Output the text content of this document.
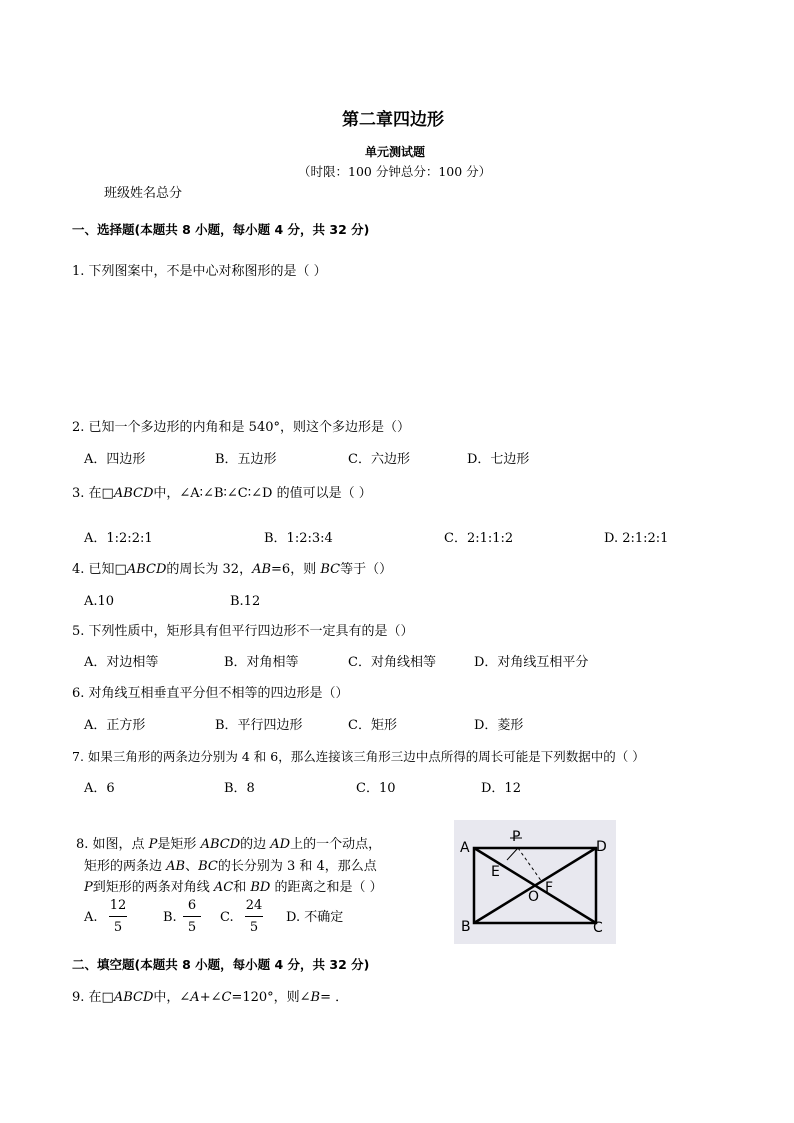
第二章四边形
单元测试题
（时限：100 分钟总分：100 分）
班级姓名总分
一、选择题(本题共 8 小题，每小题 4 分，共 32 分)
1. 下列图案中，不是中心对称图形的是（ ）
2. 已知一个多边形的内角和是 540°，则这个多边形是（）
A．四边形	B．五边形	C．六边形	D．七边形
3. 在□ABCD中，∠A∶∠B∶∠C∶∠D 的值可以是（ ）
A．1:2:2:1	B．1:2:3:4	C．2:1:1:2	D. 2:1:2:1
4. 已知□ABCD的周长为 32，AB=6，则 BC等于（）
A.10	B.12
5. 下列性质中，矩形具有但平行四边形不一定具有的是（）
A．对边相等	B．对角相等	C．对角线相等	D．对角线互相平分
6. 对角线互相垂直平分但不相等的四边形是（）
A．正方形	B．平行四边形	C．矩形	D．菱形
7. 如果三角形的两条边分别为 4 和 6，那么连接该三角形三边中点所得的周长可能是下列数据中的（ ）
A．6	B．8	C．10	D．12
8. 如图，点 P是矩形 ABCD的边 AD上的一个动点，
矩形的两条边 AB、BC的长分别为 3 和 4，那么点
P到矩形的两条对角线 AC和 BD 的距离之和是（ ）
A.
12
5
B.
6
5
C.
24
5
D. 不确定
A	D
B	C
P
E
F
O
二、填空题(本题共 8 小题，每小题 4 分，共 32 分)
9. 在□ABCD中，∠A+∠C=120°，则∠B= ．
